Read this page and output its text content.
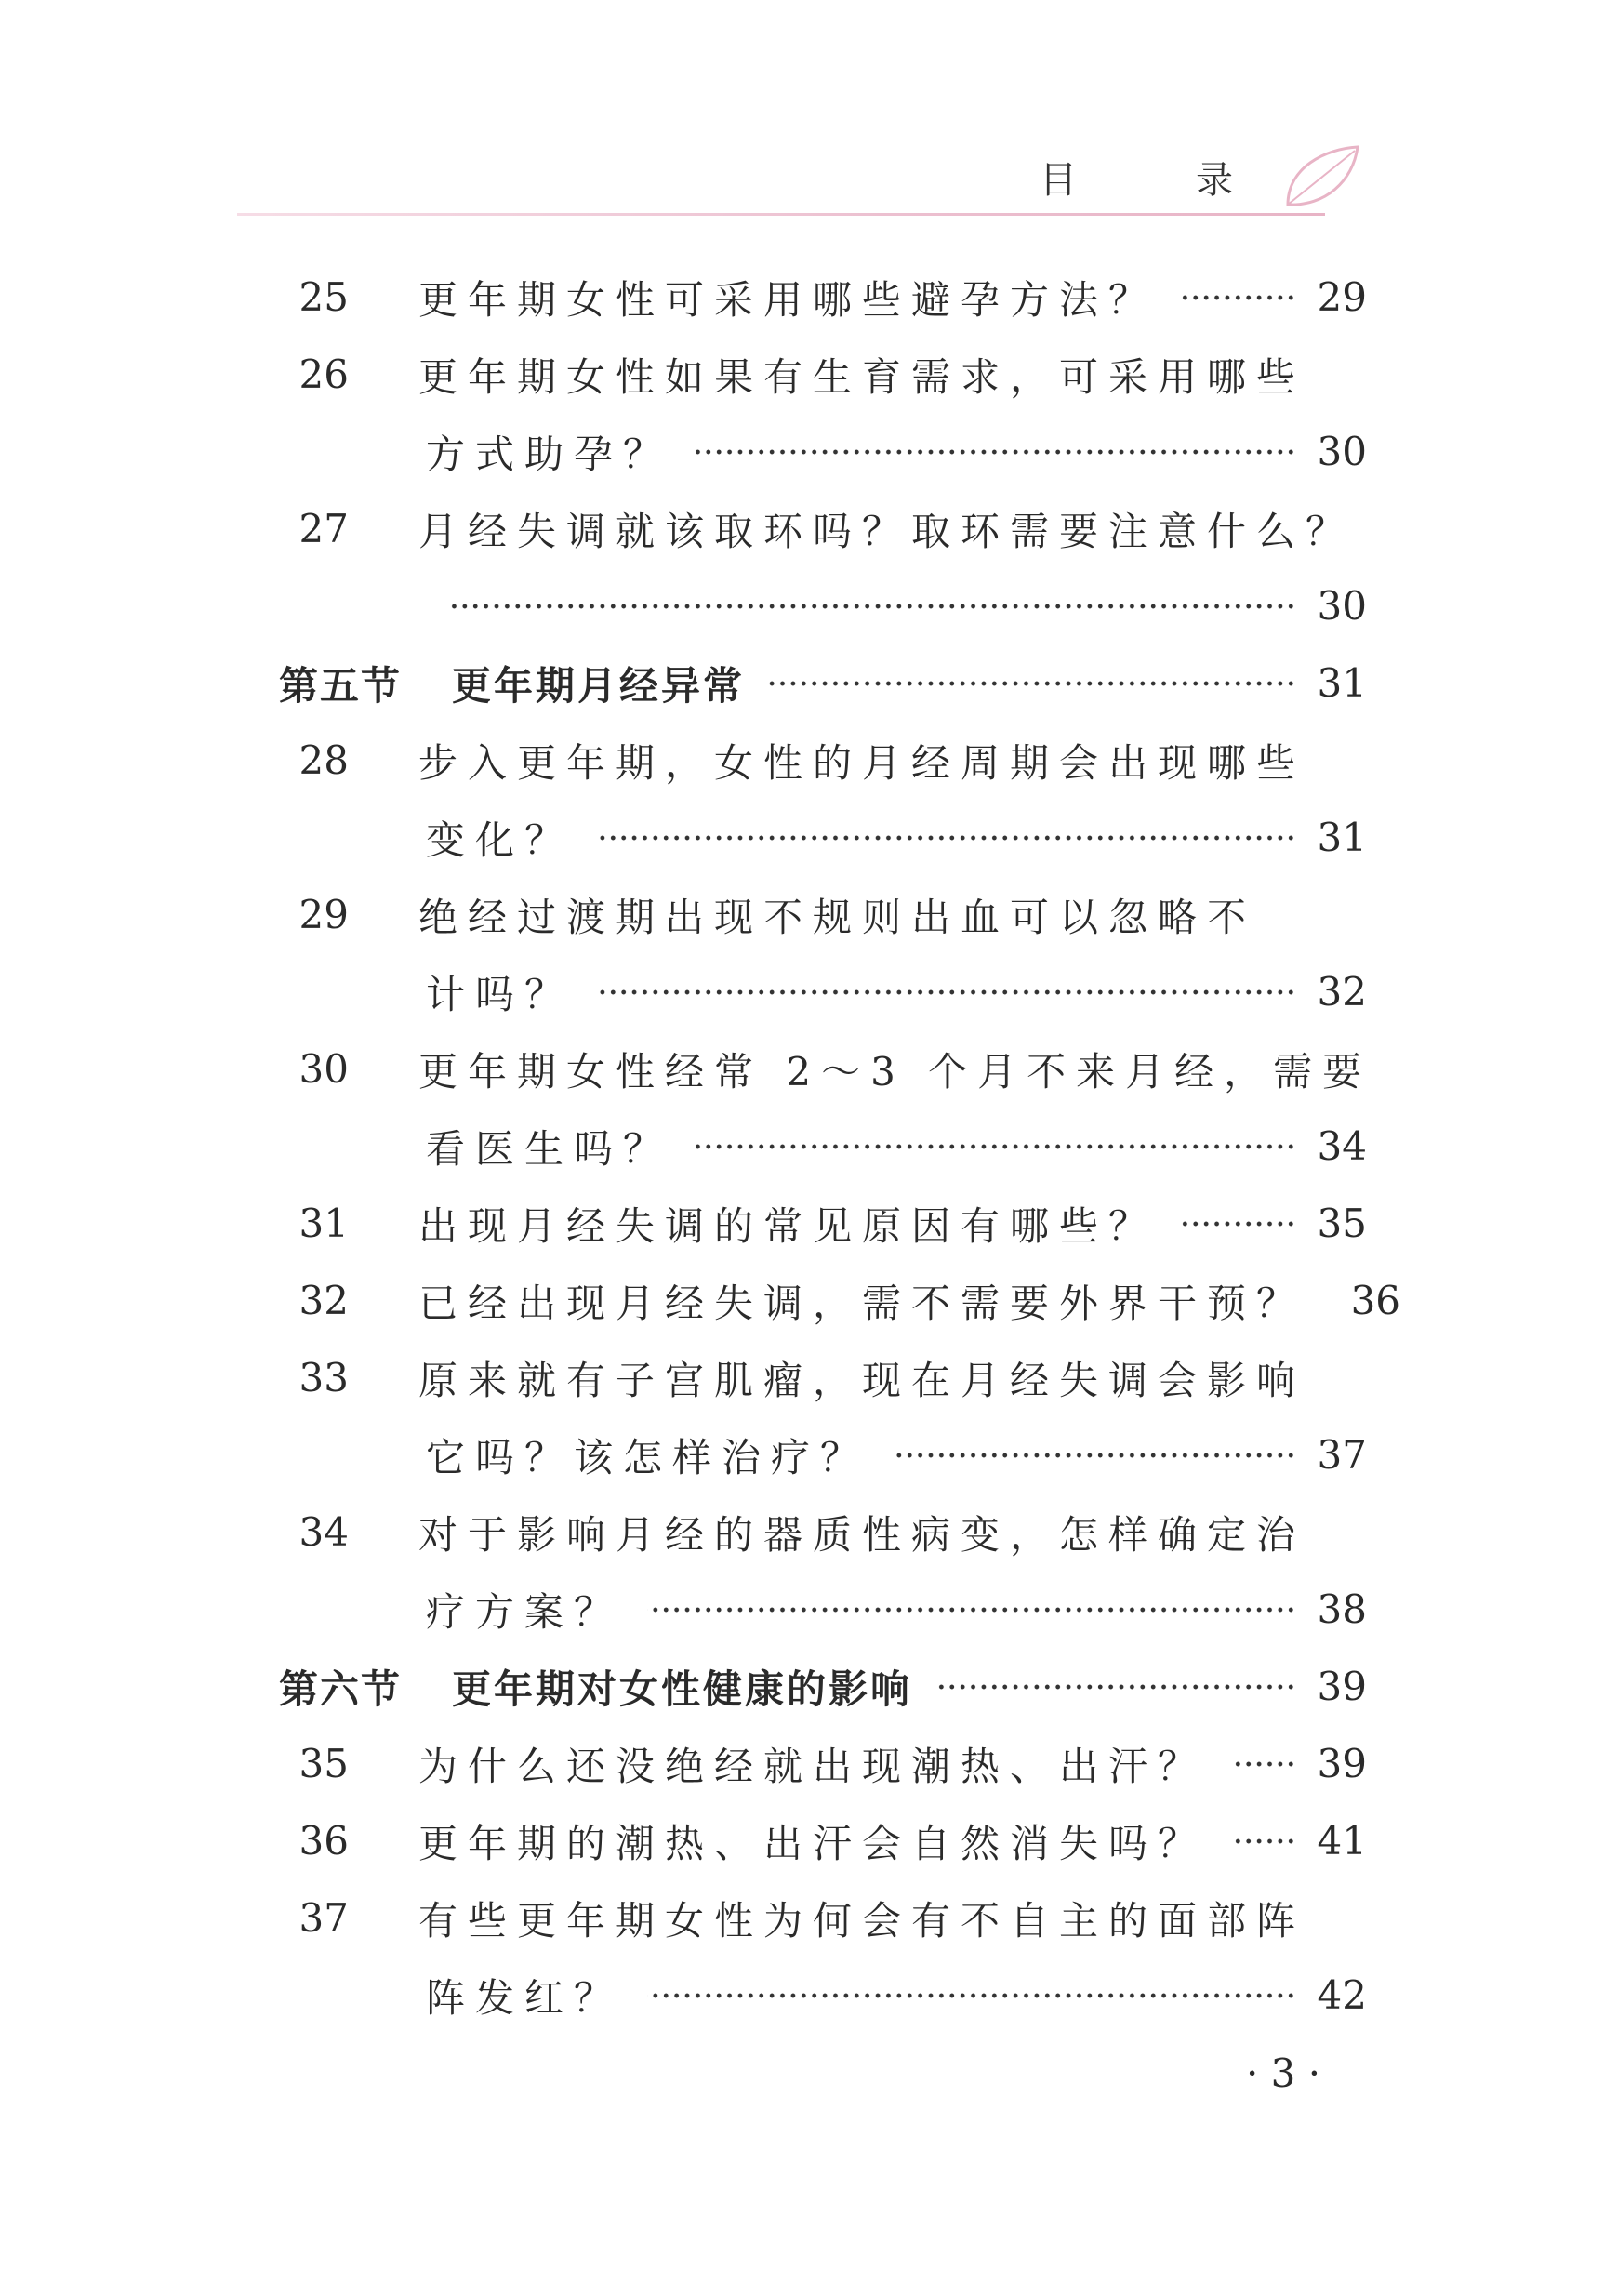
目　录
25 更年期女性可采用哪些避孕方法？	29
26 更年期女性如果有生育需求，可采用哪些
方式助孕？	30
27 月经失调就该取环吗？取环需要注意什么？
30
第五节 更年期月经异常	31
28 步入更年期，女性的月经周期会出现哪些
变化？	31
29 绝经过渡期出现不规则出血可以忽略不
计吗？	32
30 更年期女性经常 2～3 个月不来月经，需要
看医生吗？	34
31 出现月经失调的常见原因有哪些？	35
32 已经出现月经失调，需不需要外界干预？ 36
33 原来就有子宫肌瘤，现在月经失调会影响
它吗？该怎样治疗？	37
34 对于影响月经的器质性病变，怎样确定治
疗方案？	38
第六节 更年期对女性健康的影响	39
35 为什么还没绝经就出现潮热、出汗？	39
36 更年期的潮热、出汗会自然消失吗？	41
37 有些更年期女性为何会有不自主的面部阵
阵发红？	42
· 3 ·
